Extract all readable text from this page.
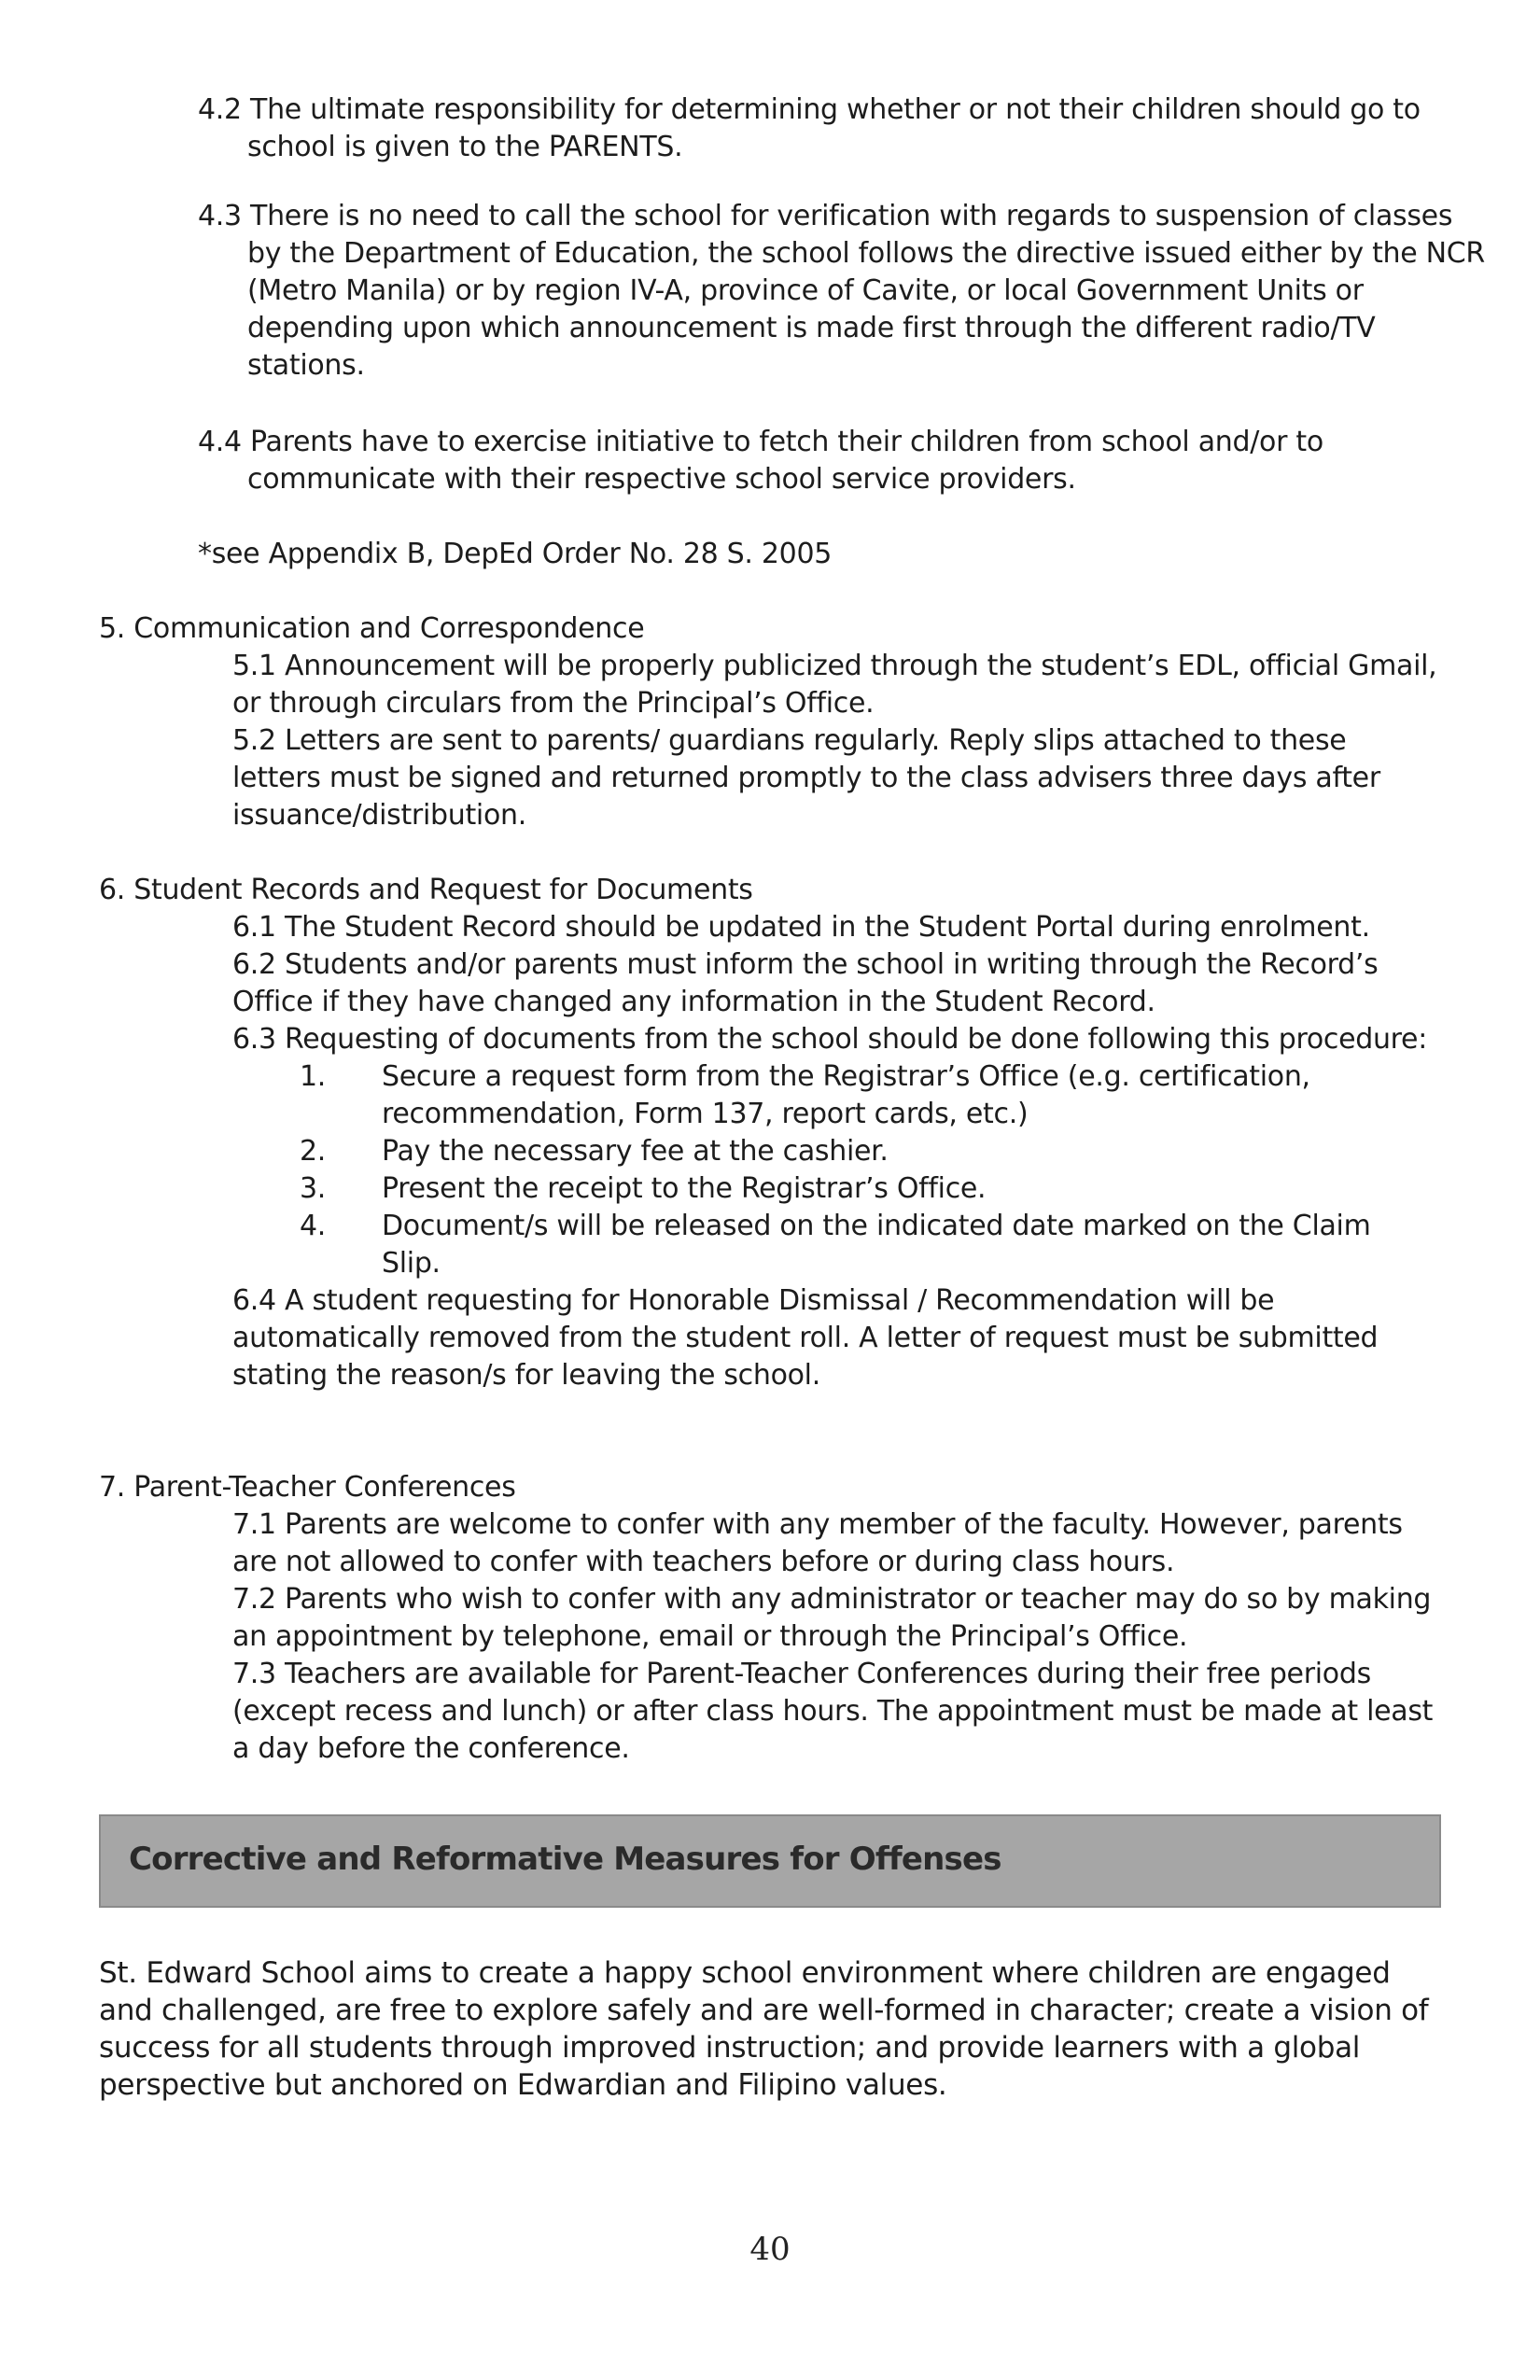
4.2 The ultimate responsibility for determining whether or not their children should go to school is given to the PARENTS.
4.3 There is no need to call the school for verification with regards to suspension of classes by the Department of Education, the school follows the directive issued either by the NCR (Metro Manila) or by region IV-A, province of Cavite, or local Government Units or depending upon which announcement is made first through the different radio/TV stations.
4.4 Parents have to exercise initiative to fetch their children from school and/or to communicate with their respective school service providers.
*see Appendix B, DepEd Order No. 28 S. 2005
5. Communication and Correspondence

5.1 Announcement will be properly publicized through the student’s EDL, official Gmail, or through circulars from the Principal’s Office.

5.2 Letters are sent to parents/ guardians regularly. Reply slips attached to these letters must be signed and returned promptly to the class advisers three days after issuance/distribution.

6. Student Records and Request for Documents

6.1 The Student Record should be updated in the Student Portal during enrolment.

6.2 Students and/or parents must inform the school in writing through the Record’s Office if they have changed any information in the Student Record.

6.3 Requesting of documents from the school should be done following this procedure:

1. Secure a request form from the Registrar’s Office (e.g. certification, recommendation, Form 137, report cards, etc.)
2. Pay the necessary fee at the cashier.
3. Present the receipt to the Registrar’s Office.
4. Document/s will be released on the indicated date marked on the Claim Slip.

6.4 A student requesting for Honorable Dismissal / Recommendation will be automatically removed from the student roll. A letter of request must be submitted stating the reason/s for leaving the school.

7. Parent-Teacher Conferences

7.1 Parents are welcome to confer with any member of the faculty. However, parents are not allowed to confer with teachers before or during class hours.

7.2 Parents who wish to confer with any administrator or teacher may do so by making an appointment by telephone, email or through the Principal’s Office.

7.3 Teachers are available for Parent-Teacher Conferences during their free periods (except recess and lunch) or after class hours. The appointment must be made at least a day before the conference.

Corrective and Reformative Measures for Offenses
St. Edward School aims to create a happy school environment where children are engaged and challenged, are free to explore safely and are well-formed in character; create a vision of success for all students through improved instruction; and provide learners with a global perspective but anchored on Edwardian and Filipino values.
40
